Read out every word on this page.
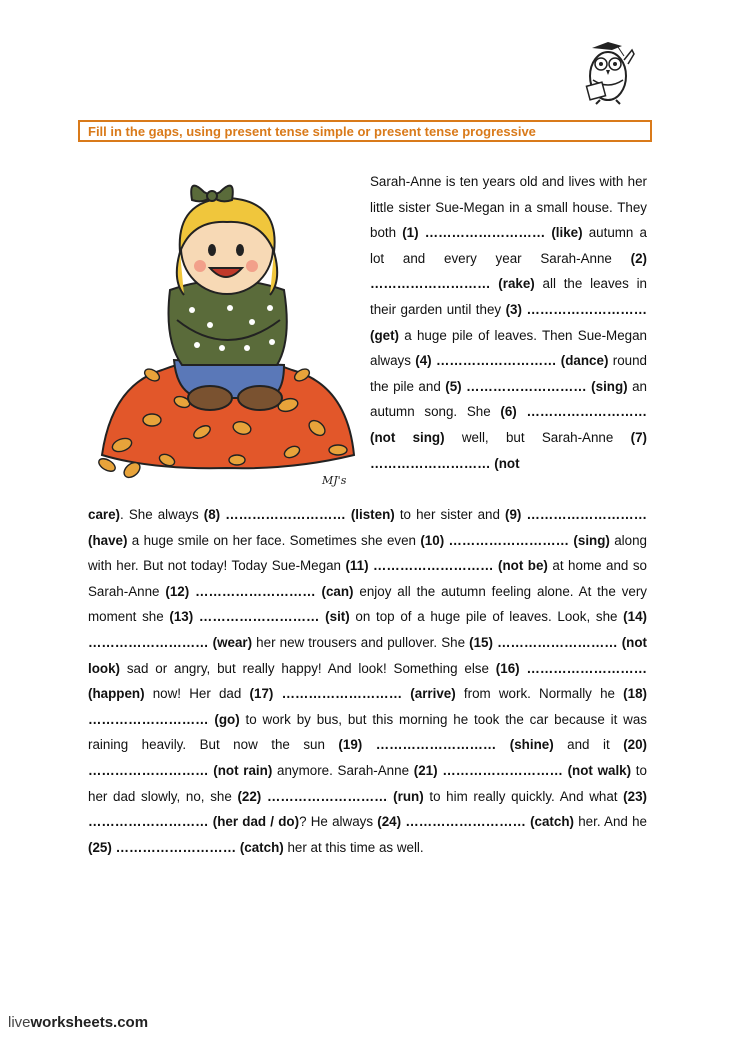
Fill in the gaps, using present tense simple or present tense progressive
MJ's

Sarah-Anne is ten years old and lives with her little sister Sue-Megan in a small house. They both (1) ……………………… (like) autumn a lot and every year Sarah-Anne (2) ……………………… (rake) all the leaves in their garden until they (3) ……………………… (get) a huge pile of leaves. Then Sue-Megan always (4) ……………………… (dance) round the pile and (5) ……………………… (sing) an autumn song. She (6) ……………………… (not sing) well, but Sarah-Anne (7) ……………………… (not

care). She always (8) ……………………… (listen) to her sister and (9) ……………………… (have) a huge smile on her face. Sometimes she even (10) ……………………… (sing) along with her. But not today! Today Sue-Megan (11) ……………………… (not be) at home and so Sarah-Anne (12) ……………………… (can) enjoy all the autumn feeling alone. At the very moment she (13) ……………………… (sit) on top of a huge pile of leaves. Look, she (14) ……………………… (wear) her new trousers and pullover. She (15) ……………………… (not look) sad or angry, but really happy! And look! Something else (16) ……………………… (happen) now! Her dad (17) ……………………… (arrive) from work. Normally he (18) ……………………… (go) to work by bus, but this morning he took the car because it was raining heavily. But now the sun (19) ……………………… (shine) and it (20) ……………………… (not rain) anymore. Sarah-Anne (21) ……………………… (not walk) to her dad slowly, no, she (22) ……………………… (run) to him really quickly. And what (23) ……………………… (her dad / do)? He always (24) ……………………… (catch) her. And he (25) ……………………… (catch) her at this time as well.

liveworksheets.com
